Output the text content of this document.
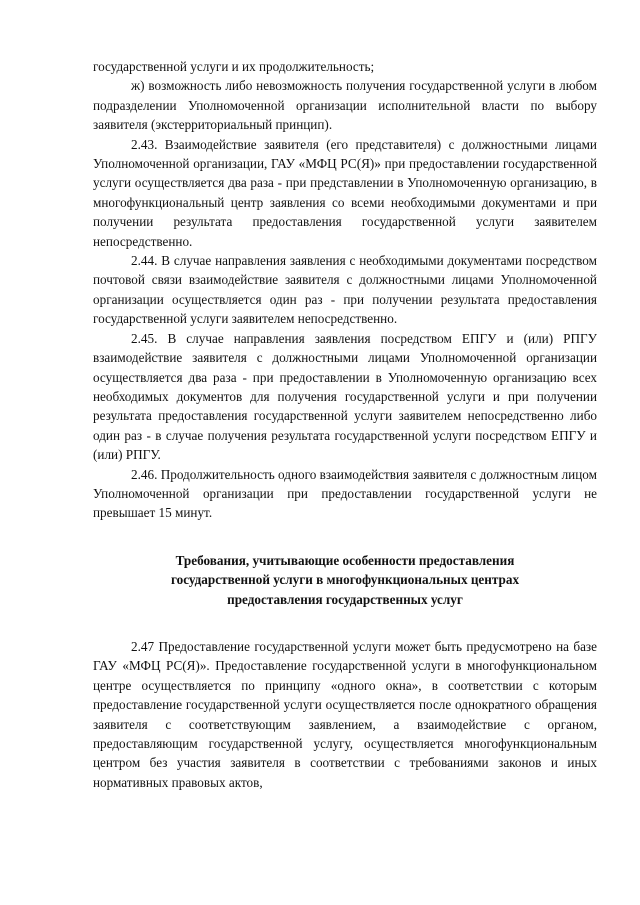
государственной услуги и их продолжительность;

ж) возможность либо невозможность получения государственной услуги в любом подразделении Уполномоченной организации исполнительной власти по выбору заявителя (экстерриториальный принцип).

2.43. Взаимодействие заявителя (его представителя) с должностными лицами Уполномоченной организации, ГАУ «МФЦ РС(Я)» при предоставлении государственной услуги осуществляется два раза - при представлении в Уполномоченную организацию, в многофункциональный центр заявления со всеми необходимыми документами и при получении результата предоставления государственной услуги заявителем непосредственно.

2.44. В случае направления заявления с необходимыми документами посредством почтовой связи взаимодействие заявителя с должностными лицами Уполномоченной организации осуществляется один раз - при получении результата предоставления государственной услуги заявителем непосредственно.

2.45. В случае направления заявления посредством ЕПГУ и (или) РПГУ взаимодействие заявителя с должностными лицами Уполномоченной организации осуществляется два раза - при предоставлении в Уполномоченную организацию всех необходимых документов для получения государственной услуги и при получении результата предоставления государственной услуги заявителем непосредственно либо один раз - в случае получения результата государственной услуги посредством ЕПГУ и (или) РПГУ.

2.46. Продолжительность одного взаимодействия заявителя с должностным лицом Уполномоченной организации при предоставлении государственной услуги не превышает 15 минут.

Требования, учитывающие особенности предоставления
государственной услуги в многофункциональных центрах
предоставления государственных услуг

2.47 Предоставление государственной услуги может быть предусмотрено на базе ГАУ «МФЦ РС(Я)». Предоставление государственной услуги в многофункциональном центре осуществляется по принципу «одного окна», в соответствии с которым предоставление государственной услуги осуществляется после однократного обращения заявителя с соответствующим заявлением, а взаимодействие с органом, предоставляющим государственной услугу, осуществляется многофункциональным центром без участия заявителя в соответствии с требованиями законов и иных нормативных правовых актов,
